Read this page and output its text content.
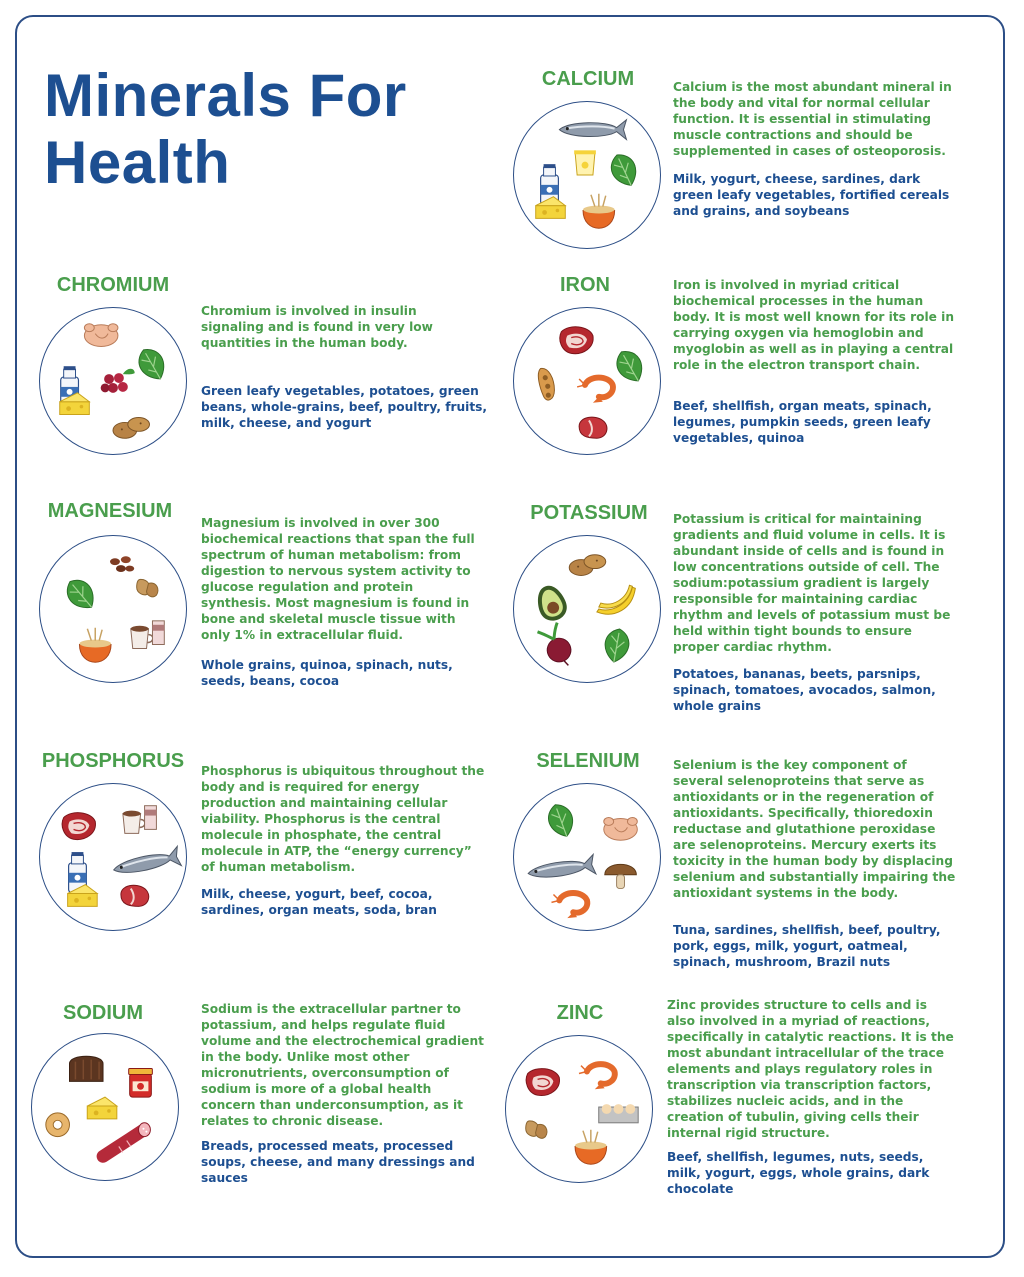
Minerals For
Health
CALCIUM	Calcium is the most abundant mineral in the body and vital for normal cellular function. It is essential in stimulating muscle contractions and should be supplemented in cases of osteoporosis.

Milk, yogurt, cheese, sardines, dark green leafy vegetables, fortified cereals and grains, and soybeans

CHROMIUM

Chromium is involved in insulin signaling and is found in very low quantities in the human body.

Green leafy vegetables, potatoes, green beans, whole-grains, beef, poultry, fruits, milk, cheese, and yogurt

IRON	Iron is involved in myriad critical biochemical processes in the human body. It is most well known for its role in carrying oxygen via hemoglobin and myoglobin as well as in playing a central role in the electron transport chain.

Beef, shellfish, organ meats, spinach, legumes, pumpkin seeds, green leafy vegetables, quinoa

MAGNESIUM

Magnesium is involved in over 300 biochemical reactions that span the full spectrum of human metabolism: from digestion to nervous system activity to glucose regulation and protein synthesis. Most magnesium is found in bone and skeletal muscle tissue with only 1% in extracellular fluid.

Whole grains, quinoa, spinach, nuts, seeds, beans, cocoa

POTASSIUM	Potassium is critical for maintaining gradients and fluid volume in cells. It is abundant inside of cells and is found in low concentrations outside of cell. The sodium:potassium gradient is largely responsible for maintaining cardiac rhythm and levels of potassium must be held within tight bounds to ensure proper cardiac rhythm.

Potatoes, bananas, beets, parsnips, spinach, tomatoes, avocados, salmon, whole grains

PHOSPHORUS Phosphorus is ubiquitous throughout the body and is required for energy production and maintaining cellular viability. Phosphorus is the central molecule in phosphate, the central molecule in ATP, the “energy currency” of human metabolism.

Milk, cheese, yogurt, beef, cocoa, sardines, organ meats, soda, bran

SELENIUM	Selenium is the key component of several selenoproteins that serve as antioxidants or in the regeneration of antioxidants. Specifically, thioredoxin reductase and glutathione peroxidase are selenoproteins. Mercury exerts its toxicity in the human body by displacing selenium and substantially impairing the antioxidant systems in the body.

Tuna, sardines, shellfish, beef, poultry, pork, eggs, milk, yogurt, oatmeal, spinach, mushroom, Brazil nuts

SODIUM	Sodium is the extracellular partner to potassium, and helps regulate fluid volume and the electrochemical gradient in the body. Unlike most other micronutrients, overconsumption of sodium is more of a global health concern than underconsumption, as it relates to chronic disease.

Breads, processed meats, processed soups, cheese, and many dressings and sauces

ZINC	Zinc provides structure to cells and is also involved in a myriad of reactions, specifically in catalytic reactions. It is the most abundant intracellular of the trace elements and plays regulatory roles in transcription via transcription factors, stabilizes nucleic acids, and in the creation of tubulin, giving cells their internal rigid structure.

Beef, shellfish, legumes, nuts, seeds, milk, yogurt, eggs, whole grains, dark chocolate
